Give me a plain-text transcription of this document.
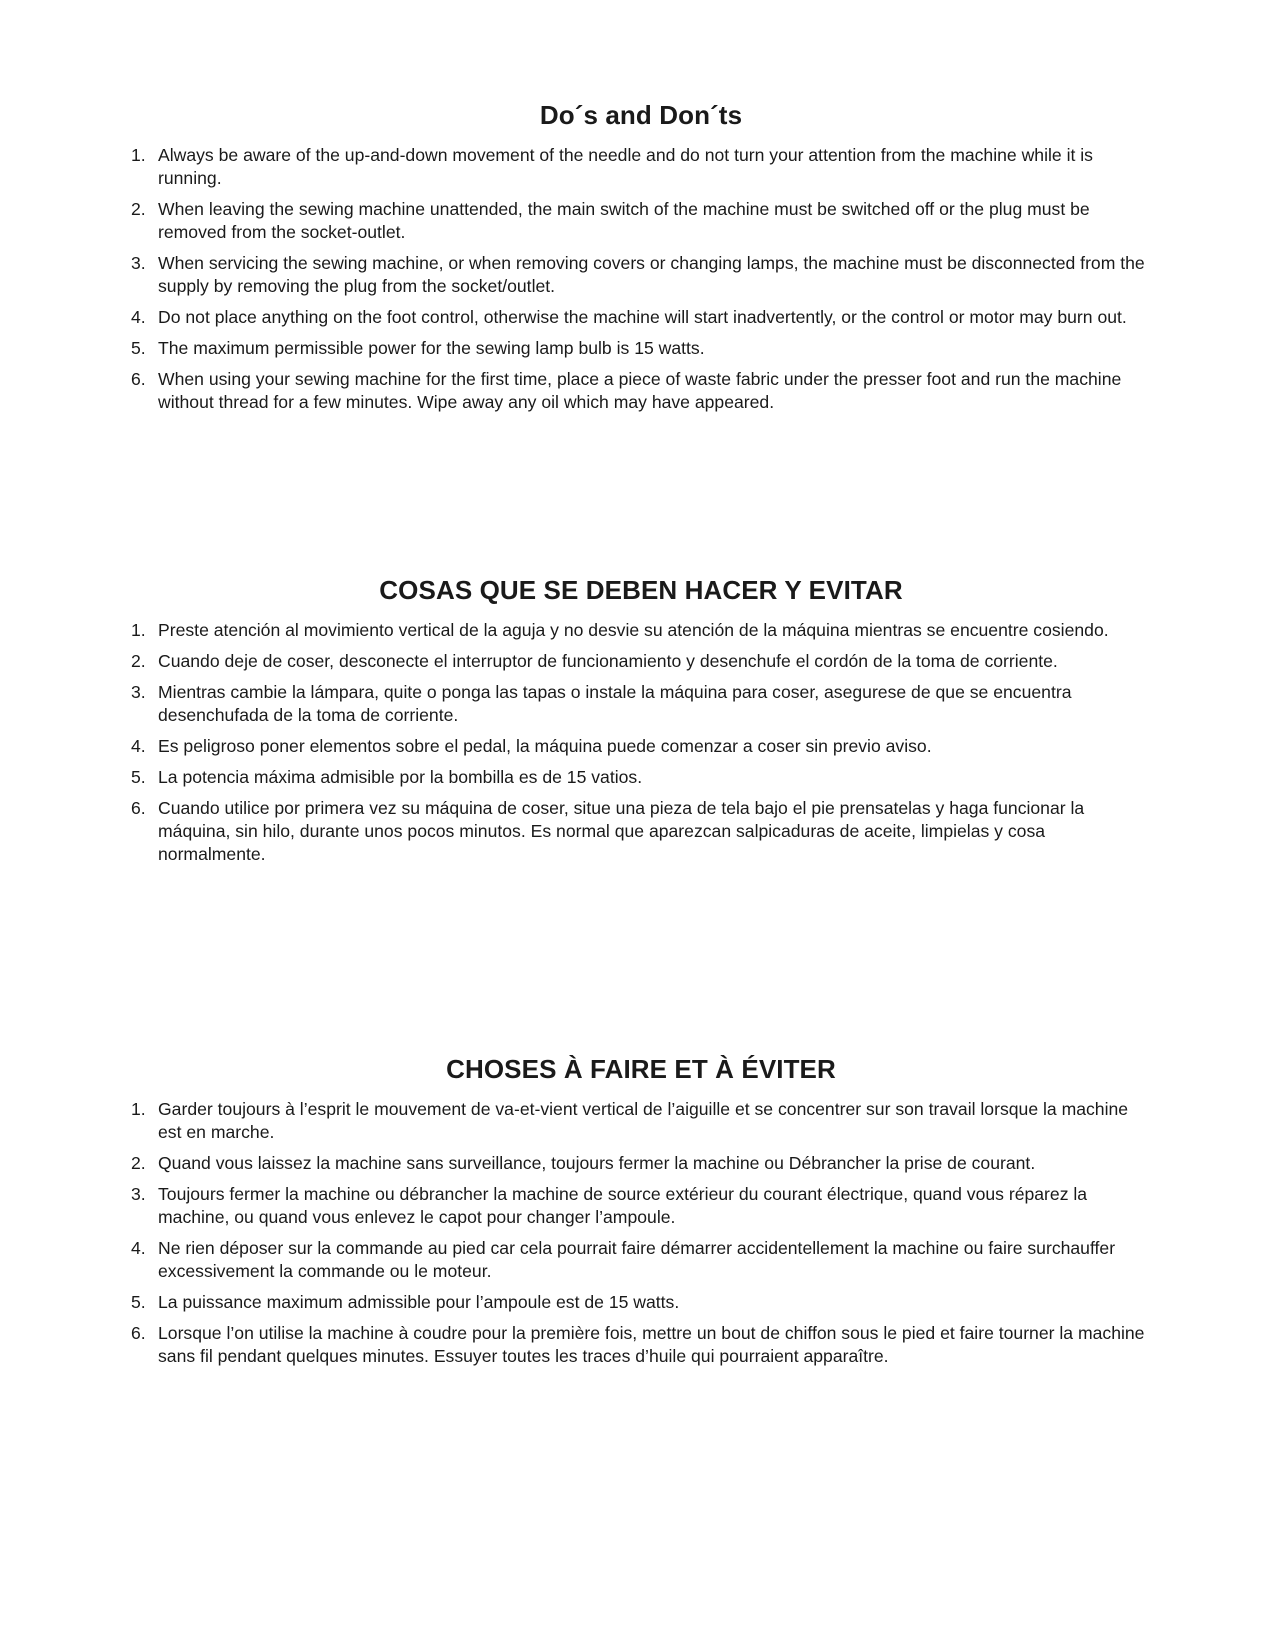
Do´s and Don´ts
1. Always be aware of the up-and-down movement of the needle and do not turn your attention from the machine while it is running.
2. When leaving the sewing machine unattended, the main switch of the machine must be switched off or the plug must be removed from the socket-outlet.
3. When servicing the sewing machine, or when removing covers or changing lamps, the machine must be disconnected from the supply by removing the plug from the socket/outlet.
4. Do not place anything on the foot control, otherwise the machine will start inadvertently, or the control or motor may burn out.
5. The maximum permissible power for the sewing lamp bulb is 15 watts.
6. When using your sewing machine for the first time, place a piece of waste fabric under the presser foot and run the machine without thread for a few minutes. Wipe away any oil which may have appeared.
COSAS QUE SE DEBEN HACER Y EVITAR
1. Preste atención al movimiento vertical de la aguja y no desvie su atención de la máquina mientras se encuentre cosiendo.
2. Cuando deje de coser, desconecte el interruptor de funcionamiento y desenchufe el cordón de la toma de corriente.
3. Mientras cambie la lámpara, quite o ponga las tapas o instale la máquina para coser, asegurese de que se encuentra desenchufada de la toma de corriente.
4. Es peligroso poner elementos sobre el pedal, la máquina puede comenzar a coser sin previo aviso.
5. La potencia máxima admisible por la bombilla es de 15 vatios.
6. Cuando utilice por primera vez su máquina de coser, situe una pieza de tela bajo el pie prensatelas y haga funcionar la máquina, sin hilo, durante unos pocos minutos. Es normal que aparezcan salpicaduras de aceite, limpielas y cosa normalmente.
CHOSES À FAIRE ET À ÉVITER
1. Garder toujours à l’esprit le mouvement de va-et-vient vertical de l’aiguille et se concentrer sur son travail lorsque la machine est en marche.
2. Quand vous laissez la machine sans surveillance, toujours fermer la machine ou Débrancher la prise de courant.
3. Toujours fermer la machine ou débrancher la machine de source extérieur du courant électrique, quand vous réparez la machine, ou quand vous enlevez le capot pour changer l’ampoule.
4. Ne rien déposer sur la commande au pied car cela pourrait faire démarrer accidentellement la machine ou faire surchauffer excessivement la commande ou le moteur.
5. La puissance maximum admissible pour l’ampoule est de 15 watts.
6. Lorsque l’on utilise la machine à coudre pour la première fois, mettre un bout de chiffon sous le pied et faire tourner la machine sans fil pendant quelques minutes. Essuyer toutes les traces d’huile qui pourraient apparaître.
